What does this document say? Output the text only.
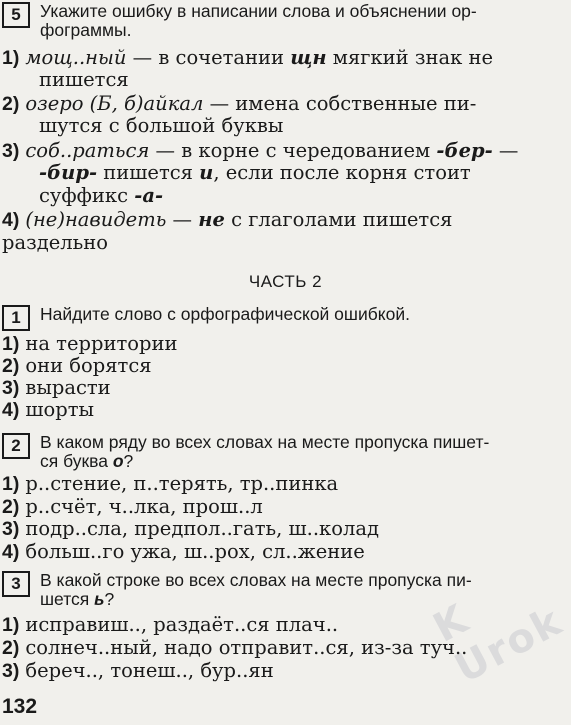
K Urok
5	Укажите ошибку в написании слова и объяснении ор-
фограммы.
1) мощ..ный — в сочетании щн мягкий знак не
пишется
2) озеро (Б, б)айкал — имена собственные пи-
шутся с большой буквы
3) соб..раться — в корне с чередованием -бер- —
-бир- пишется и, если после корня стоит
суффикс -а-
4) (не)навидеть — не с глаголами пишется
раздельно
ЧАСТЬ 2
1	Найдите слово с орфографической ошибкой.
1) на территории
2) они борятся
3) вырасти
4) шорты
2	В каком ряду во всех словах на месте пропуска пишет-
ся буква о?
1) р..стение, п..терять, тр..пинка
2) р..счёт, ч..лка, прош..л
3) подр..сла, предпол..гать, ш..колад
4) больш..го ужа, ш..рох, сл..жение
3	В какой строке во всех словах на месте пропуска пи-
шется ь?
1) исправиш.., раздаёт..ся плач..
2) солнеч..ный, надо отправит..ся, из-за туч..
3) береч.., тонеш.., бур..ян
132
